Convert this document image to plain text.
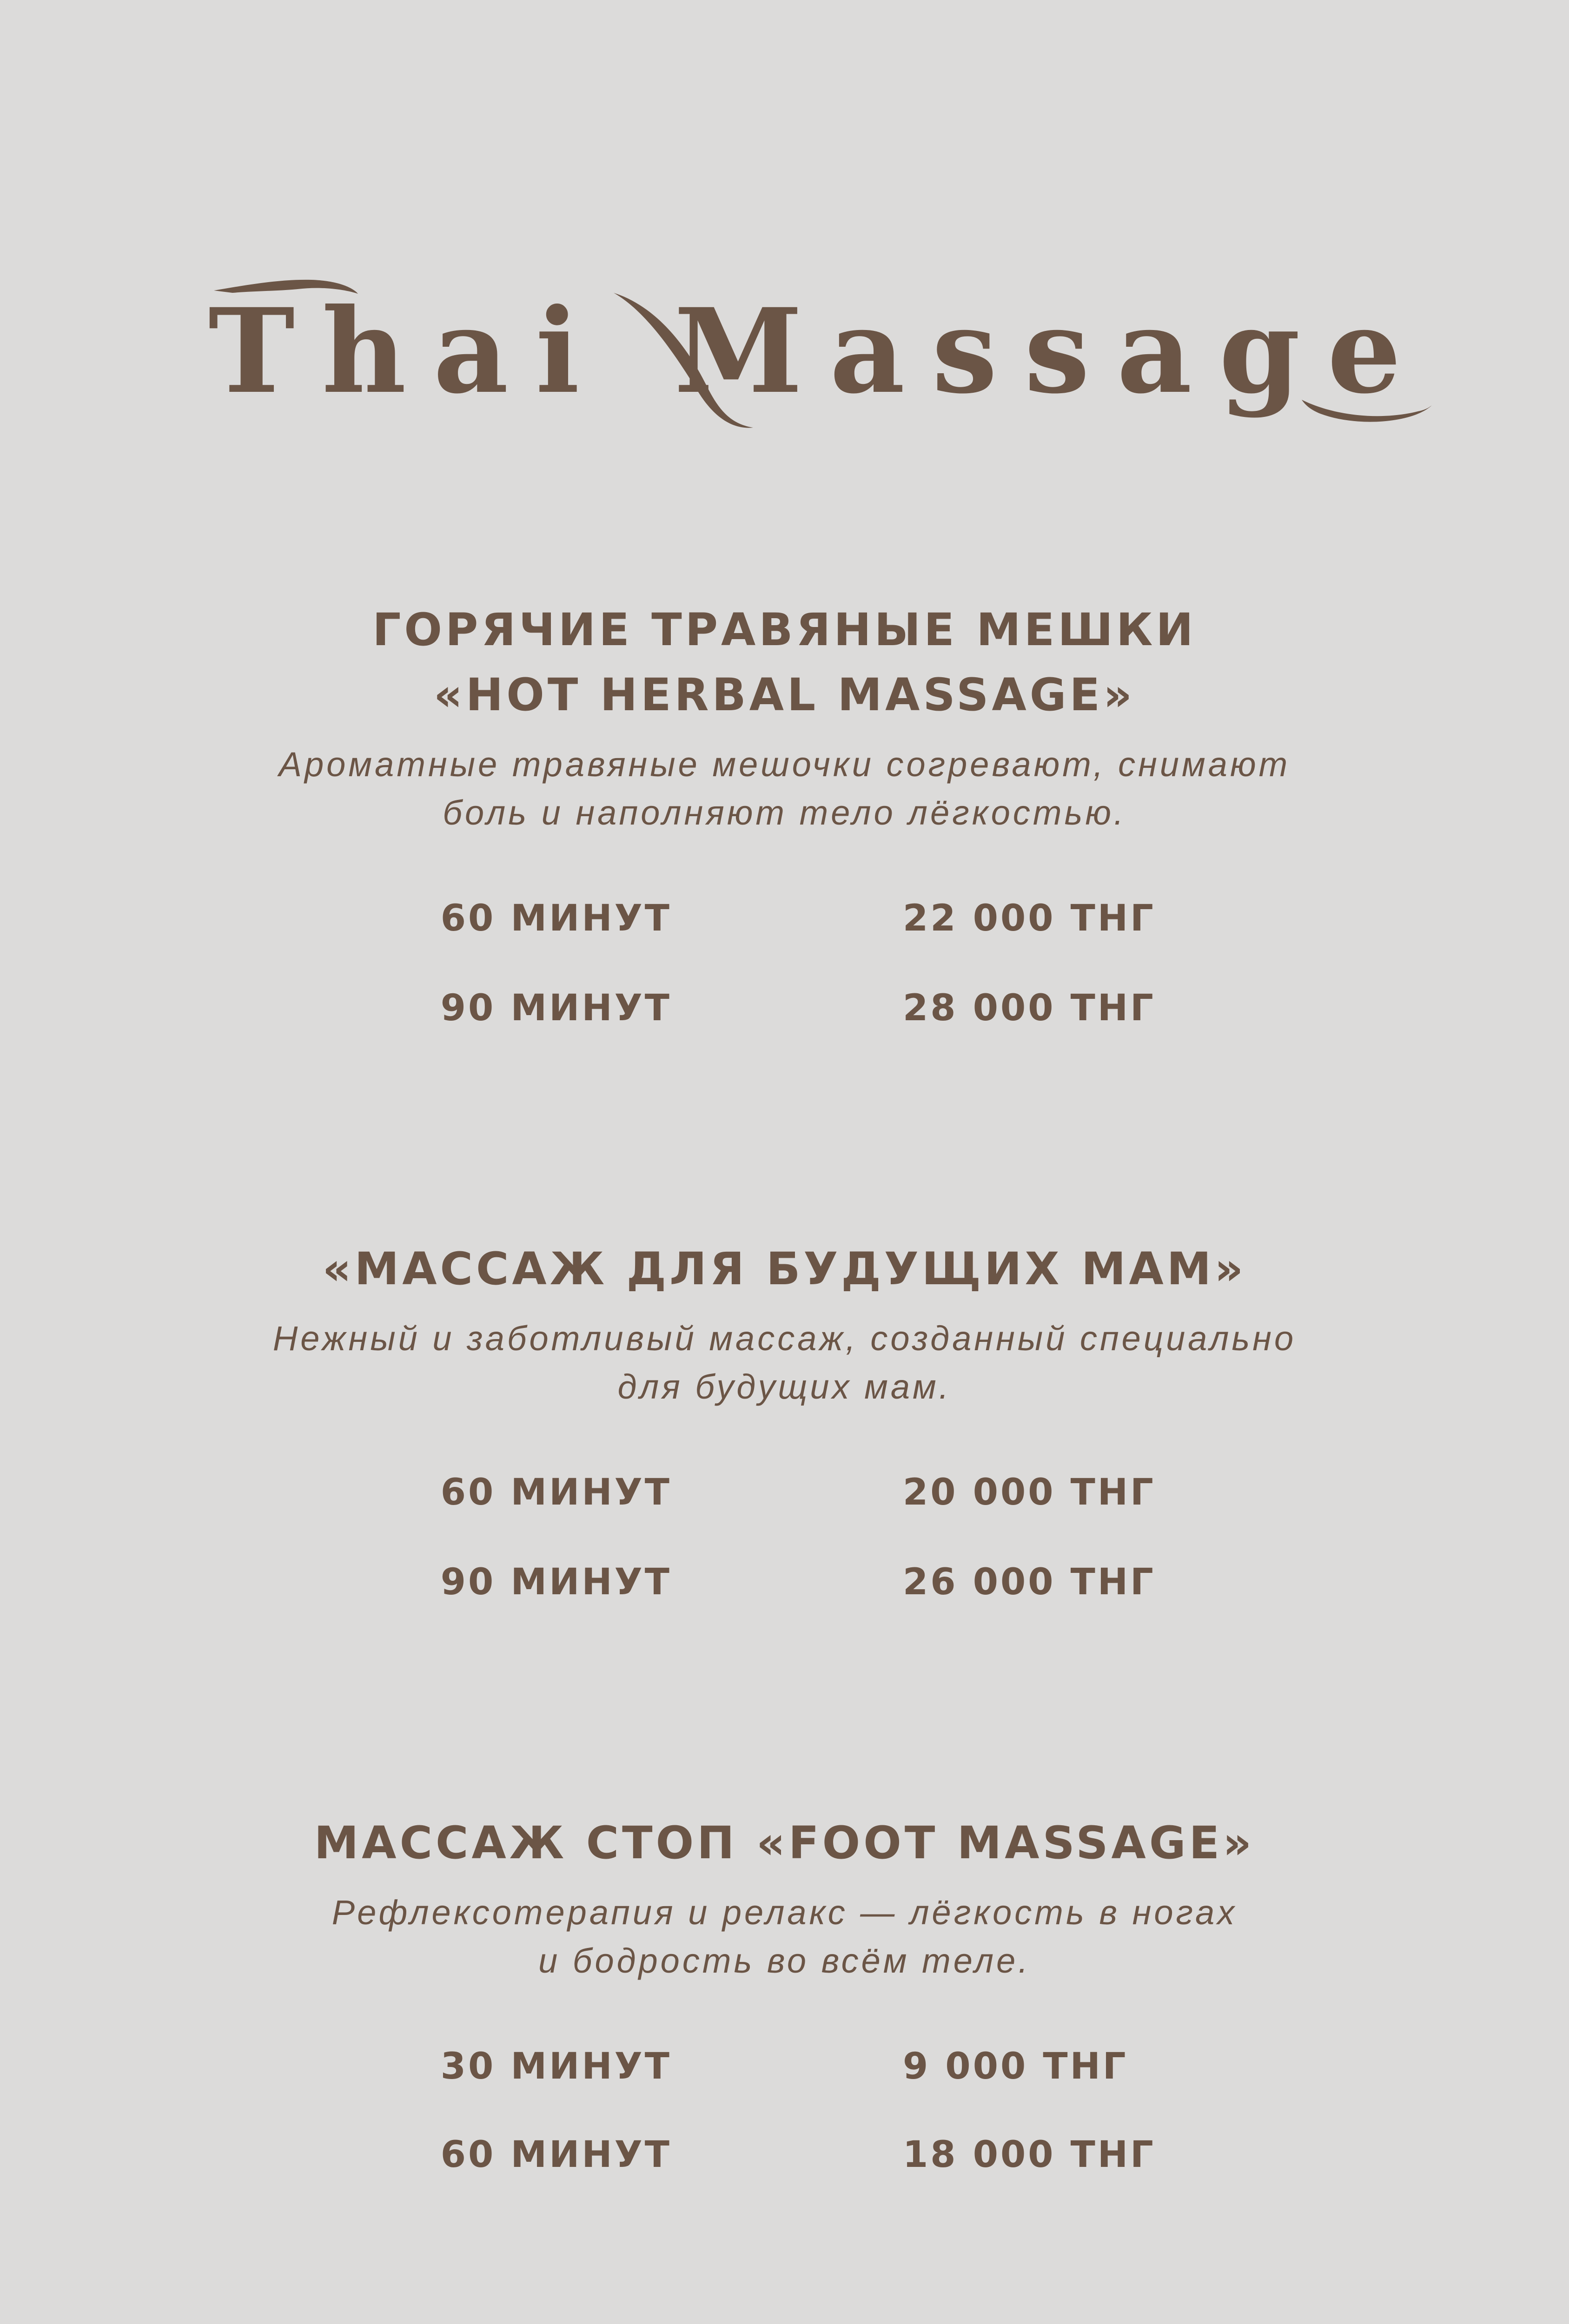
Thai Massage

ГОРЯЧИЕ ТРАВЯНЫЕ МЕШКИ

«HOT HERBAL MASSAGE»

Ароматные травяные мешочки согревают, снимают

боль и наполняют тело лёгкостью.

60 МИНУТ	22 000 ТНГ
90 МИНУТ	28 000 ТНГ

«МАССАЖ ДЛЯ БУДУЩИХ МАМ»

Нежный и заботливый массаж, созданный специально

для будущих мам.

60 МИНУТ	20 000 ТНГ
90 МИНУТ	26 000 ТНГ

МАССАЖ СТОП «FOOT MASSAGE»

Рефлексотерапия и релакс — лёгкость в ногах

и бодрость во всём теле.

30 МИНУТ	9 000 ТНГ
60 МИНУТ	18 000 ТНГ
